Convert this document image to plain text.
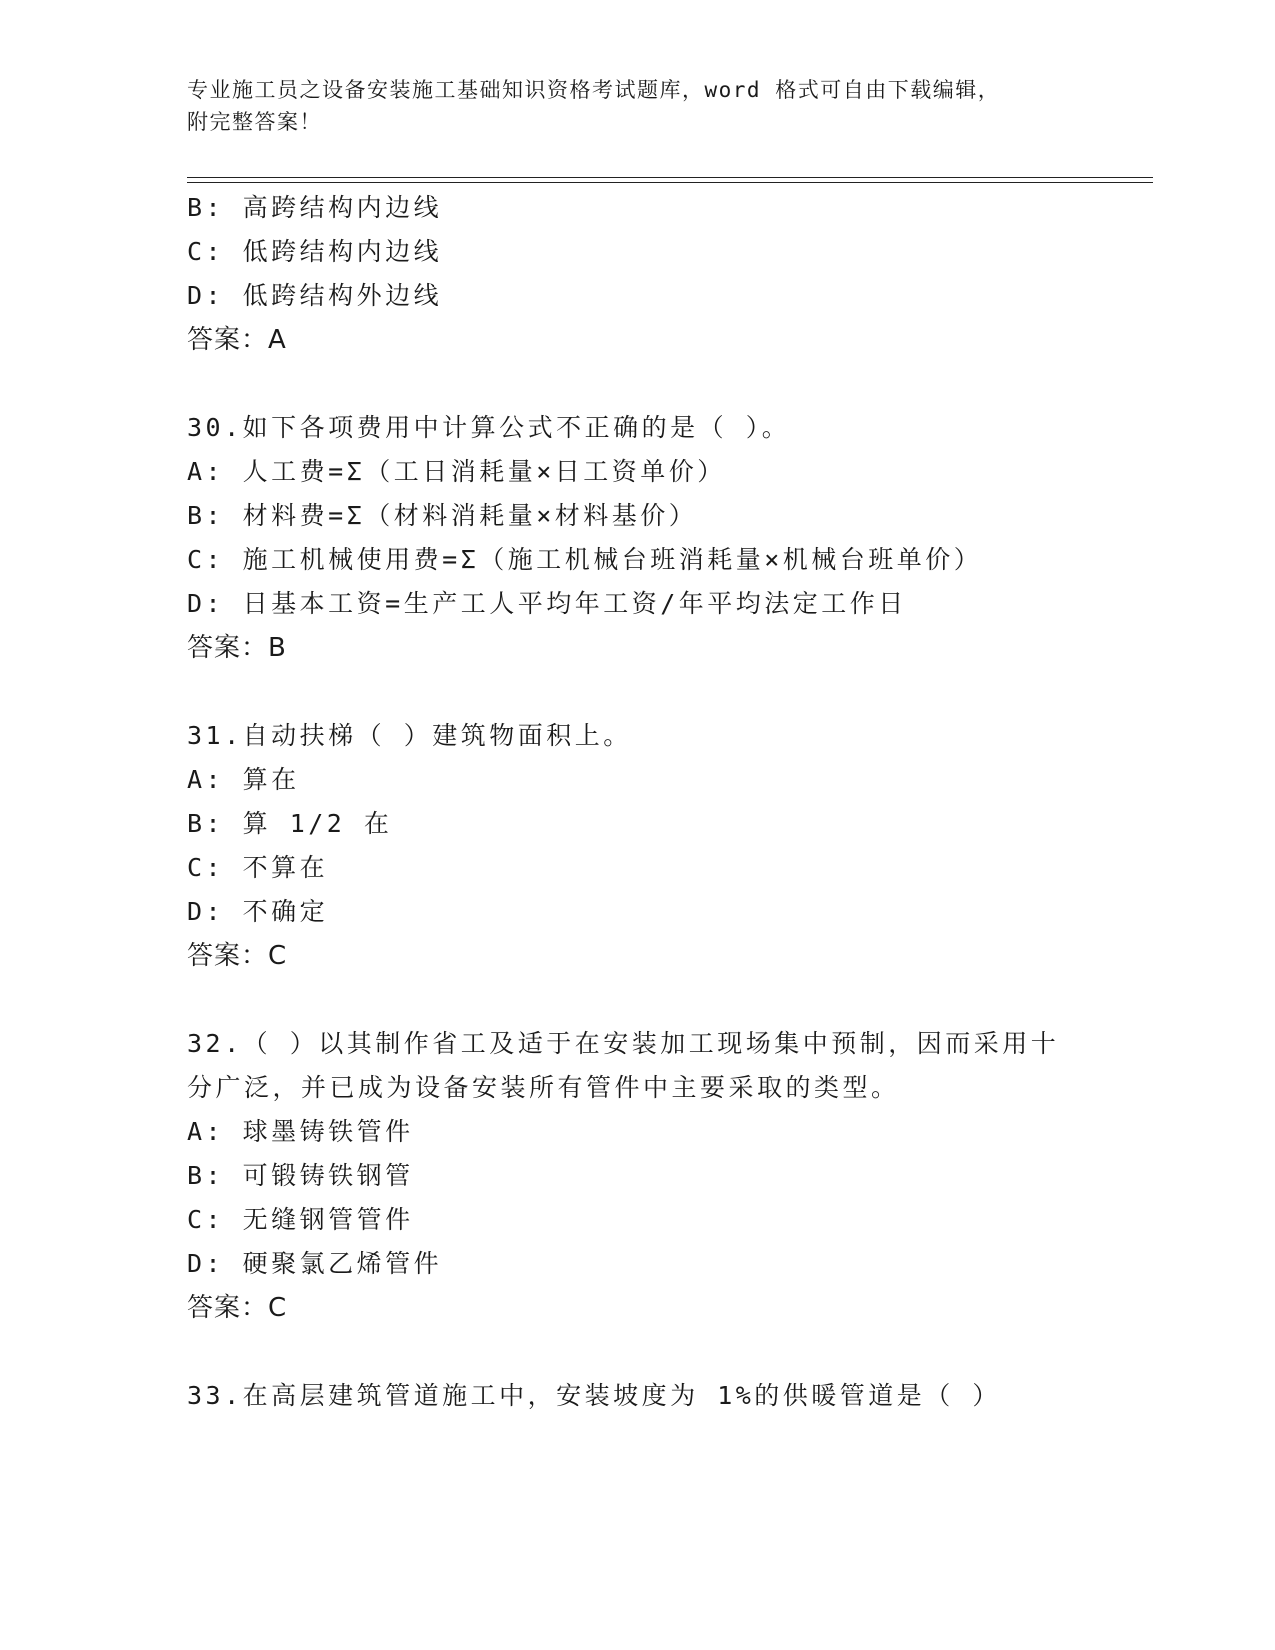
专业施工员之设备安装施工基础知识资格考试题库，word 格式可自由下载编辑，
附完整答案！
B: 高跨结构内边线
C: 低跨结构内边线
D: 低跨结构外边线
答案：A
30.如下各项费用中计算公式不正确的是（ ）。
A: 人工费=Σ（工日消耗量×日工资单价）
B: 材料费=Σ（材料消耗量×材料基价）
C: 施工机械使用费=Σ（施工机械台班消耗量×机械台班单价）
D: 日基本工资=生产工人平均年工资/年平均法定工作日
答案：B
31.自动扶梯（ ）建筑物面积上。
A: 算在
B: 算 1/2 在
C: 不算在
D: 不确定
答案：C
32.（ ）以其制作省工及适于在安装加工现场集中预制，因而采用十
分广泛，并已成为设备安装所有管件中主要采取的类型。
A: 球墨铸铁管件
B: 可锻铸铁钢管
C: 无缝钢管管件
D: 硬聚氯乙烯管件
答案：C
33.在高层建筑管道施工中，安装坡度为 1%的供暖管道是（ ）
